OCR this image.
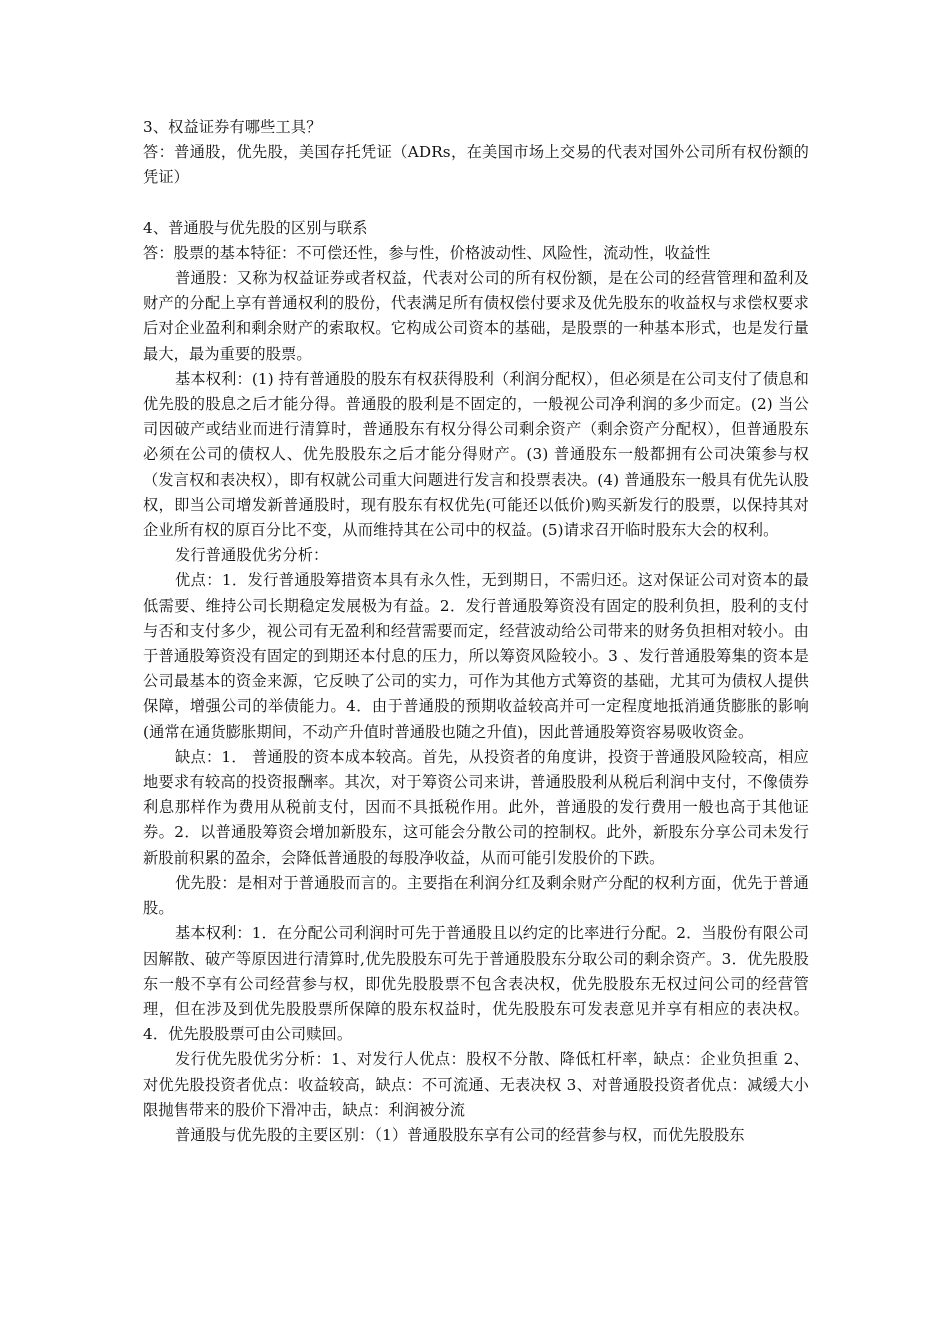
3、权益证券有哪些工具？

答：普通股，优先股，美国存托凭证（ADRs，在美国市场上交易的代表对国外公司所有权份额的凭证）

4、普通股与优先股的区别与联系

答：股票的基本特征：不可偿还性，参与性，价格波动性、风险性，流动性，收益性

普通股：又称为权益证券或者权益，代表对公司的所有权份额，是在公司的经营管理和盈利及财产的分配上享有普通权利的股份，代表满足所有债权偿付要求及优先股东的收益权与求偿权要求后对企业盈利和剩余财产的索取权。它构成公司资本的基础，是股票的一种基本形式，也是发行量最大，最为重要的股票。

基本权利：(1) 持有普通股的股东有权获得股利（利润分配权），但必须是在公司支付了债息和优先股的股息之后才能分得。普通股的股利是不固定的，一般视公司净利润的多少而定。(2) 当公司因破产或结业而进行清算时，普通股东有权分得公司剩余资产（剩余资产分配权），但普通股东必须在公司的债权人、优先股股东之后才能分得财产。(3) 普通股东一般都拥有公司决策参与权（发言权和表决权），即有权就公司重大问题进行发言和投票表决。(4) 普通股东一般具有优先认股权，即当公司增发新普通股时，现有股东有权优先(可能还以低价)购买新发行的股票，以保持其对企业所有权的原百分比不变，从而维持其在公司中的权益。(5)请求召开临时股东大会的权利。

发行普通股优劣分析：

优点：1．发行普通股筹措资本具有永久性，无到期日，不需归还。这对保证公司对资本的最低需要、维持公司长期稳定发展极为有益。2．发行普通股筹资没有固定的股利负担，股利的支付与否和支付多少，视公司有无盈利和经营需要而定，经营波动给公司带来的财务负担相对较小。由于普通股筹资没有固定的到期还本付息的压力，所以筹资风险较小。3 、发行普通股筹集的资本是公司最基本的资金来源，它反映了公司的实力，可作为其他方式筹资的基础，尤其可为债权人提供保障，增强公司的举债能力。4．由于普通股的预期收益较高并可一定程度地抵消通货膨胀的影响(通常在通货膨胀期间，不动产升值时普通股也随之升值)，因此普通股筹资容易吸收资金。

缺点：1． 普通股的资本成本较高。首先，从投资者的角度讲，投资于普通股风险较高，相应地要求有较高的投资报酬率。其次，对于筹资公司来讲，普通股股利从税后利润中支付，不像债券利息那样作为费用从税前支付，因而不具抵税作用。此外，普通股的发行费用一般也高于其他证券。2．以普通股筹资会增加新股东，这可能会分散公司的控制权。此外，新股东分享公司未发行新股前积累的盈余，会降低普通股的每股净收益，从而可能引发股价的下跌。

优先股：是相对于普通股而言的。主要指在利润分红及剩余财产分配的权利方面，优先于普通股。

基本权利：1．在分配公司利润时可先于普通股且以约定的比率进行分配。2．当股份有限公司因解散、破产等原因进行清算时,优先股股东可先于普通股股东分取公司的剩余资产。3．优先股股东一般不享有公司经营参与权，即优先股股票不包含表决权，优先股股东无权过问公司的经营管理，但在涉及到优先股股票所保障的股东权益时，优先股股东可发表意见并享有相应的表决权。4．优先股股票可由公司赎回。

发行优先股优劣分析：1、对发行人优点：股权不分散、降低杠杆率，缺点：企业负担重 2、对优先股投资者优点：收益较高，缺点：不可流通、无表决权 3、对普通股投资者优点：减缓大小限抛售带来的股价下滑冲击，缺点：利润被分流

普通股与优先股的主要区别：（1）普通股股东享有公司的经营参与权，而优先股股东
